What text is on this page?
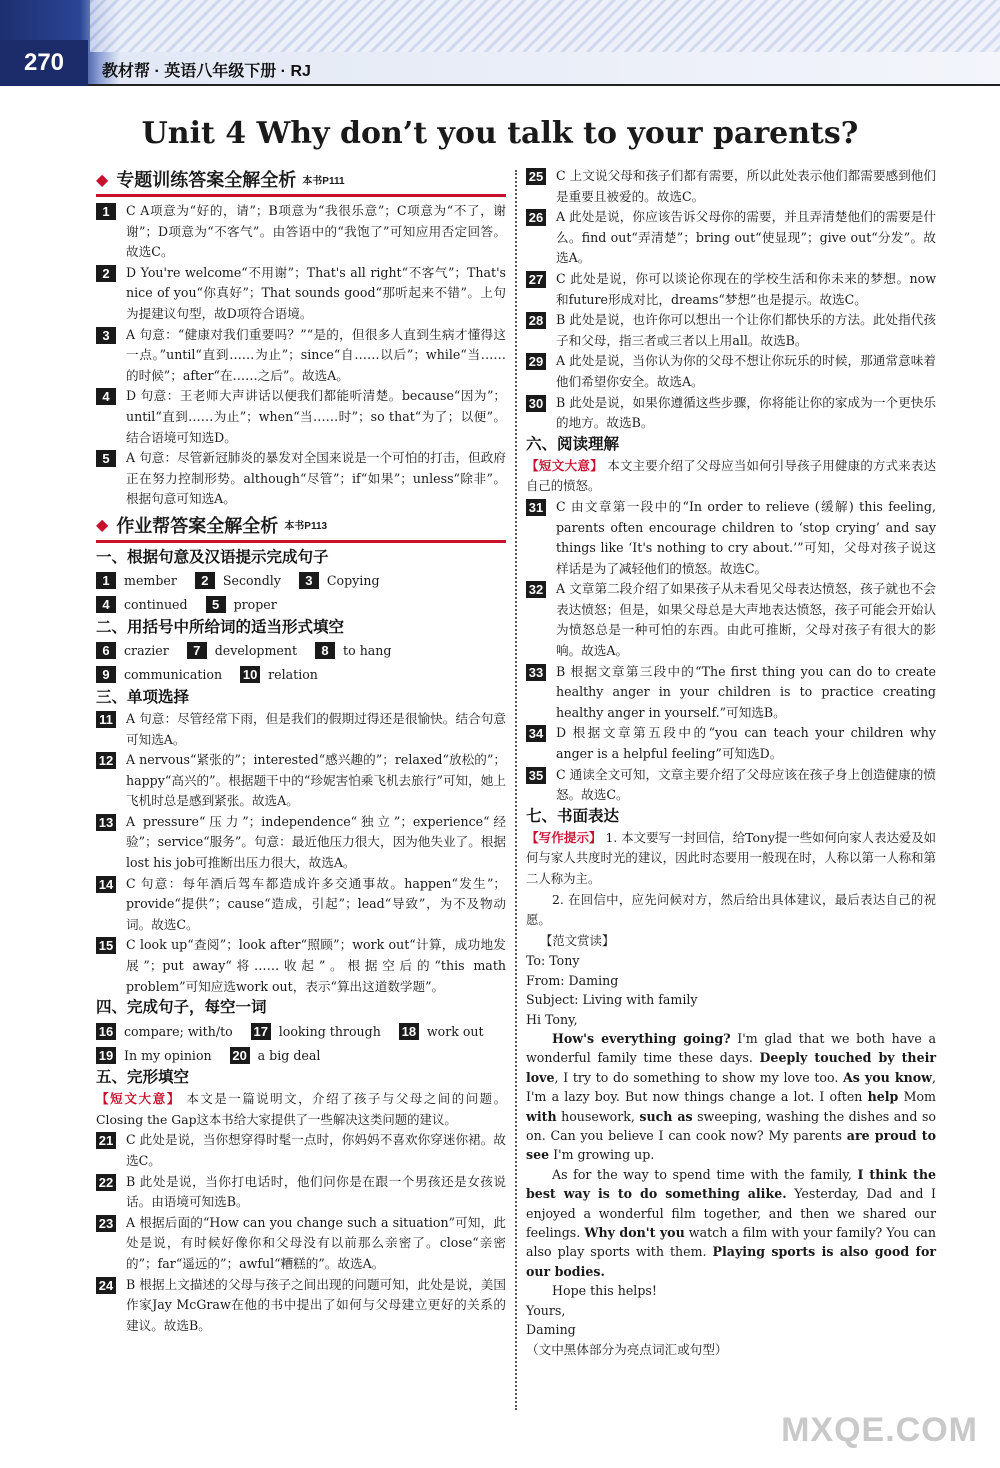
270	教材帮 · 英语八年级下册 · RJ
Unit 4 Why don’t you talk to your parents?
◆ 专题训练答案全解全析 本书P111
1	C A项意为“好的，请”；B项意为“我很乐意”；C项意为“不了，谢谢”；D项意为“不客气”。由答语中的“我饱了”可知应用否定回答。故选C。
2	D You're welcome“不用谢”；That's all right“不客气”；That's nice of you“你真好”；That sounds good“那听起来不错”。上句为提建议句型，故D项符合语境。
3	A 句意：“健康对我们重要吗？”“是的，但很多人直到生病才懂得这一点。”until“直到……为止”；since“自……以后”；while“当……的时候”；after“在……之后”。故选A。
4	D 句意：王老师大声讲话以便我们都能听清楚。because“因为”；until“直到……为止”；when“当……时”；so that“为了；以便”。结合语境可知选D。
5	A 句意：尽管新冠肺炎的暴发对全国来说是一个可怕的打击，但政府正在努力控制形势。although“尽管”；if“如果”；unless“除非”。根据句意可知选A。
◆ 作业帮答案全解全析 本书P113
一、根据句意及汉语提示完成句子
1	member	2	Secondly	3	Copying
4	continued	5	proper
二、用括号中所给词的适当形式填空
6	crazier	7	development	8	to hang
9	communication 10 relation
三、单项选择
11 A 句意：尽管经常下雨，但是我们的假期过得还是很愉快。结合句意可知选A。
12 A nervous“紧张的”；interested“感兴趣的”；relaxed“放松的”；happy“高兴的”。根据题干中的“珍妮害怕乘飞机去旅行”可知，她上飞机时总是感到紧张。故选A。
13 A pressure“压力”；independence“独立”；experience“经验”；service“服务”。句意：最近他压力很大，因为他失业了。根据lost his job可推断出压力很大，故选A。
14 C 句意：每年酒后驾车都造成许多交通事故。happen“发生”；provide“提供”；cause“造成，引起”；lead“导致”，为不及物动词。故选C。
15 C look up“查阅”；look after“照顾”；work out“计算，成功地发展”；put away“将……收起”。根据空后的“this math problem”可知应选work out，表示“算出这道数学题”。
四、完成句子，每空一词
16 compare; with/to 17 looking through 18 work out
19 In my opinion 20 a big deal
五、完形填空
【短文大意】 本文是一篇说明文，介绍了孩子与父母之间的问题。Closing the Gap这本书给大家提供了一些解决这类问题的建议。
21 C 此处是说，当你想穿得时髦一点时，你妈妈不喜欢你穿迷你裙。故选C。
22 B 此处是说，当你打电话时，他们问你是在跟一个男孩还是女孩说话。由语境可知选B。
23 A 根据后面的“How can you change such a situation”可知，此处是说，有时候好像你和父母没有以前那么亲密了。close“亲密的”；far“遥远的”；awful“糟糕的”。故选A。
24 B 根据上文描述的父母与孩子之间出现的问题可知，此处是说，美国作家Jay McGraw在他的书中提出了如何与父母建立更好的关系的建议。故选B。
25 C 上文说父母和孩子们都有需要，所以此处表示他们都需要感到他们是重要且被爱的。故选C。
26 A 此处是说，你应该告诉父母你的需要，并且弄清楚他们的需要是什么。find out“弄清楚”；bring out“使显现”；give out“分发”。故选A。
27 C 此处是说，你可以谈论你现在的学校生活和你未来的梦想。now和future形成对比，dreams“梦想”也是提示。故选C。
28 B 此处是说，也许你可以想出一个让你们都快乐的方法。此处指代孩子和父母，指三者或三者以上用all。故选B。
29 A 此处是说，当你认为你的父母不想让你玩乐的时候，那通常意味着他们希望你安全。故选A。
30 B 此处是说，如果你遵循这些步骤，你将能让你的家成为一个更快乐的地方。故选B。
六、阅读理解
【短文大意】 本文主要介绍了父母应当如何引导孩子用健康的方式来表达自己的愤怒。
31 C 由文章第一段中的“In order to relieve (缓解) this feeling, parents often encourage children to ‘stop crying’ and say things like ‘It's nothing to cry about.’”可知，父母对孩子说这样话是为了减轻他们的愤怒。故选C。
32 A 文章第二段介绍了如果孩子从未看见父母表达愤怒，孩子就也不会表达愤怒；但是，如果父母总是大声地表达愤怒，孩子可能会开始认为愤怒总是一种可怕的东西。由此可推断，父母对孩子有很大的影响。故选A。
33 B 根据文章第三段中的“The first thing you can do to create healthy anger in your children is to practice creating healthy anger in yourself.”可知选B。
34 D 根据文章第五段中的“you can teach your children why anger is a helpful feeling”可知选D。
35 C 通读全文可知，文章主要介绍了父母应该在孩子身上创造健康的愤怒。故选C。
七、书面表达
【写作提示】 1. 本文要写一封回信，给Tony提一些如何向家人表达爱及如何与家人共度时光的建议，因此时态要用一般现在时，人称以第一人称和第二人称为主。
2. 在回信中，应先问候对方，然后给出具体建议，最后表达自己的祝愿。
【范文赏读】
To: Tony
From: Daming
Subject: Living with family
Hi Tony,
How's everything going? I'm glad that we both have a wonderful family time these days. Deeply touched by their love, I try to do something to show my love too. As you know, I'm a lazy boy. But now things change a lot. I often help Mom with housework, such as sweeping, washing the dishes and so on. Can you believe I can cook now? My parents are proud to see I'm growing up.
As for the way to spend time with the family, I think the best way is to do something alike. Yesterday, Dad and I enjoyed a wonderful film together, and then we shared our feelings. Why don't you watch a film with your family? You can also play sports with them. Playing sports is also good for our bodies.
Hope this helps!
Yours,
Daming
（文中黑体部分为亮点词汇或句型）
MXQE.COM
